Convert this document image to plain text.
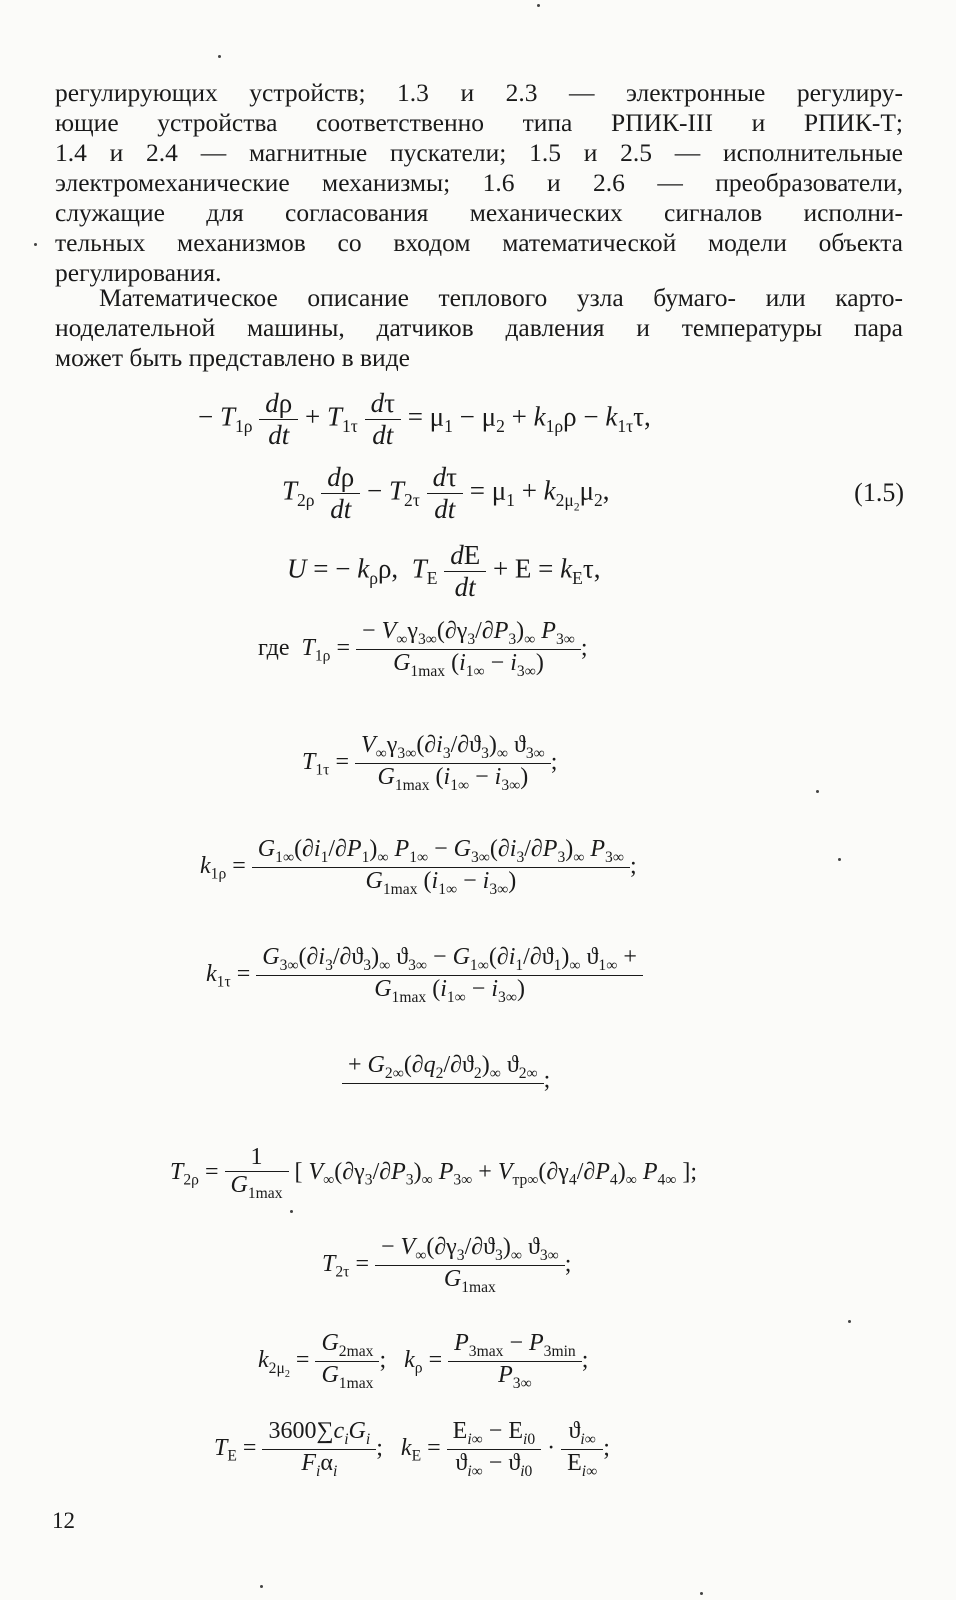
регулирующих устройств; 1.3 и 2.3 — электронные регулиру-
ющие устройства соответственно типа РПИК-III и РПИК-Т;
1.4 и 2.4 — магнитные пускатели; 1.5 и 2.5 — исполнительные
электромеханические механизмы; 1.6 и 2.6 — преобразователи,
служащие для согласования механических сигналов исполни-
тельных механизмов со входом математической модели объекта
регулирования.
Математическое описание теплового узла бумаго- или карто-
ноделательной машины, датчиков давления и температуры пара
может быть представлено в виде
− $T_{1\rho} \frac{d\rho}{dt} + T_{1\tau} \frac{d\tau}{dt} = \mu_1 - \mu_2 + k_{1\rho}\rho - k_{1\tau}\tau$,
$T_{2\rho} \frac{d\rho}{dt} - T_{2\tau} \frac{d\tau}{dt} = \mu_1 + k_{2\mu_2}\mu_2$,	(1.5)
U = − $k_\rho\rho$,  $T_E \frac{dE}{dt} + E = k_E\tau$,
где $T_{1\rho} = \frac{- V_\infty\gamma_{3\infty}(\partial\gamma_3/\partial P_3)_\infty P_{3\infty}}{G_{1max} (i_{1\infty} - i_{3\infty})}$ ;
$T_{1\tau} = \frac{V_\infty\gamma_{3\infty}(\partial i_3/\partial ϑ_3)_\infty ϑ_{3\infty}}{G_{1max} (i_{1\infty} - i_{3\infty})}$ ;
$k_{1\rho} = \frac{G_{1\infty}(\partial i_1/\partial P_1)_\infty P_{1\infty} - G_{3\infty}(\partial i_3/\partial P_3)_\infty P_{3\infty}}{G_{1max} (i_{1\infty} - i_{3\infty})}$ ;
$k_{1\tau} = \frac{G_{3\infty}(\partial i_3/\partial ϑ_3)_\infty ϑ_{3\infty} - G_{1\infty}(\partial i_1/\partial ϑ_1)_\infty ϑ_{1\infty} +}{G_{1max} (i_{1\infty} - i_{3\infty})}$
+ $G_{2\infty}(\partial q_2/\partial ϑ_2)_\infty$ $ϑ_{2\infty}$
;
$T_{2\rho} = \frac{1}{G_{1max}}$ [ $V_\infty(\partial\gamma_3/\partial P_3)_\infty$ $P_{3\infty} + V_{тр\infty}(\partial\gamma_4/\partial P_4)_\infty$ $P_{4\infty}$ ];
$T_{2\tau} = \frac{- V_\infty(\partial\gamma_3/\partial ϑ_3)_\infty ϑ_{3\infty}}{G_{1max}}$ ;
$k_{2\mu_2} = \frac{G_{2max}}{G_{1max}}$ ;   $k_\rho = \frac{P_{3max} - P_{3min}}{P_{3\infty}}$ ;
$T_E = \frac{3600\sum c_iG_i}{F_i\alpha_i}$ ;   $k_E = \frac{E_{i\infty} - E_{i0}}{ϑ_{i\infty} - ϑ_{i0}} \cdot \frac{ϑ_{i\infty}}{E_{i\infty}}$ ;
12
